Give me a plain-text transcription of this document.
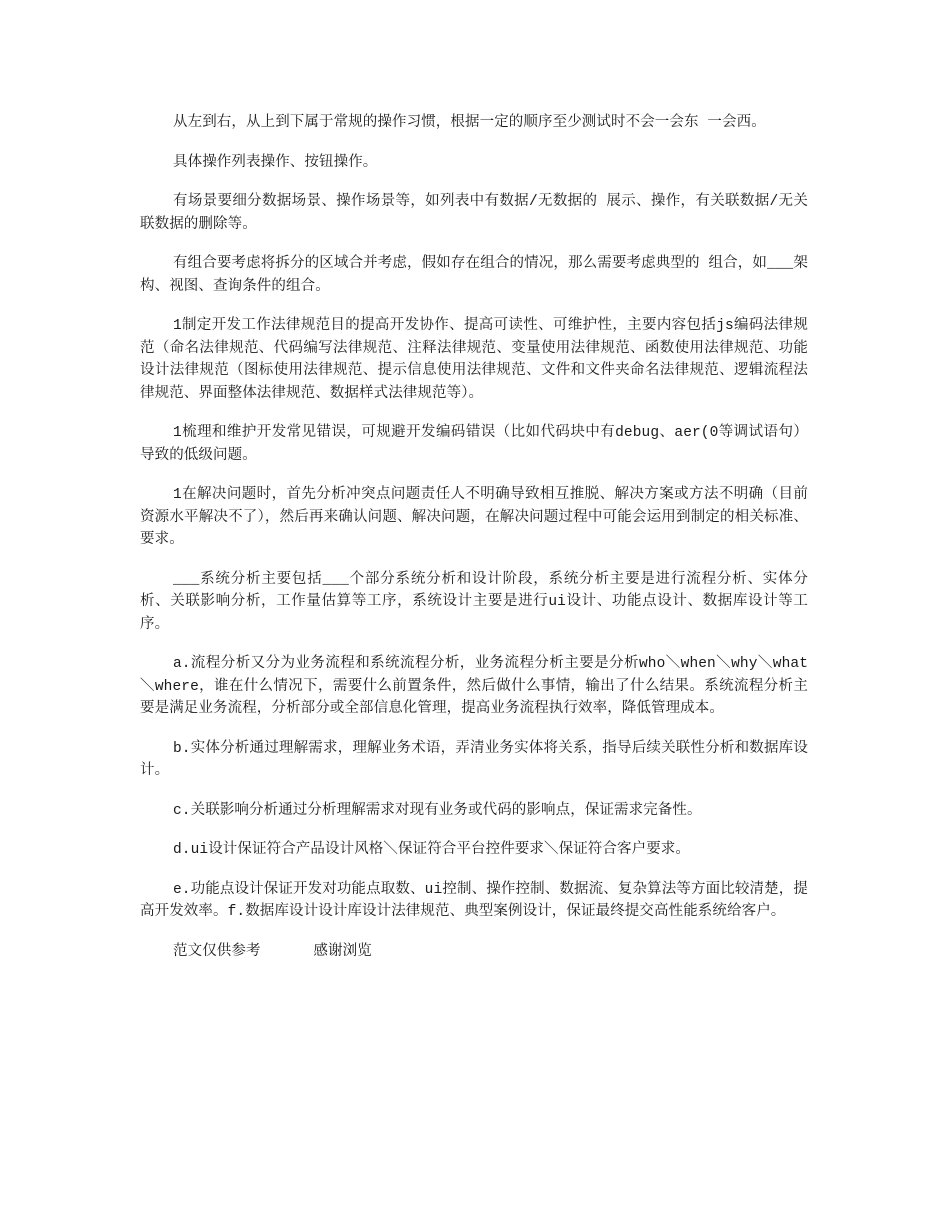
从左到右，从上到下属于常规的操作习惯，根据一定的顺序至少测试时不会一会东 一会西。

具体操作列表操作、按钮操作。

有场景要细分数据场景、操作场景等，如列表中有数据/无数据的 展示、操作，有关联数据/无关联数据的删除等。

有组合要考虑将拆分的区域合并考虑，假如存在组合的情况，那么需要考虑典型的 组合，如___架构、视图、查询条件的组合。

1制定开发工作法律规范目的提高开发协作、提高可读性、可维护性，主要内容包括js编码法律规范（命名法律规范、代码编写法律规范、注释法律规范、变量使用法律规范、函数使用法律规范、功能设计法律规范（图标使用法律规范、提示信息使用法律规范、文件和文件夹命名法律规范、逻辑流程法律规范、界面整体法律规范、数据样式法律规范等）。

1梳理和维护开发常见错误，可规避开发编码错误（比如代码块中有debug、aer(0等调试语句）导致的低级问题。

1在解决问题时，首先分析冲突点问题责任人不明确导致相互推脱、解决方案或方法不明确（目前资源水平解决不了），然后再来确认问题、解决问题，在解决问题过程中可能会运用到制定的相关标准、要求。

___系统分析主要包括___个部分系统分析和设计阶段，系统分析主要是进行流程分析、实体分析、关联影响分析，工作量估算等工序，系统设计主要是进行ui设计、功能点设计、数据库设计等工序。

a.流程分析又分为业务流程和系统流程分析，业务流程分析主要是分析who＼when＼why＼what＼where，谁在什么情况下，需要什么前置条件，然后做什么事情，输出了什么结果。系统流程分析主要是满足业务流程，分析部分或全部信息化管理，提高业务流程执行效率，降低管理成本。

b.实体分析通过理解需求，理解业务术语，弄清业务实体将关系，指导后续关联性分析和数据库设计。

c.关联影响分析通过分析理解需求对现有业务或代码的影响点，保证需求完备性。

d.ui设计保证符合产品设计风格＼保证符合平台控件要求＼保证符合客户要求。

e.功能点设计保证开发对功能点取数、ui控制、操作控制、数据流、复杂算法等方面比较清楚，提高开发效率。f.数据库设计设计库设计法律规范、典型案例设计，保证最终提交高性能系统给客户。

范文仅供参考	感谢浏览
